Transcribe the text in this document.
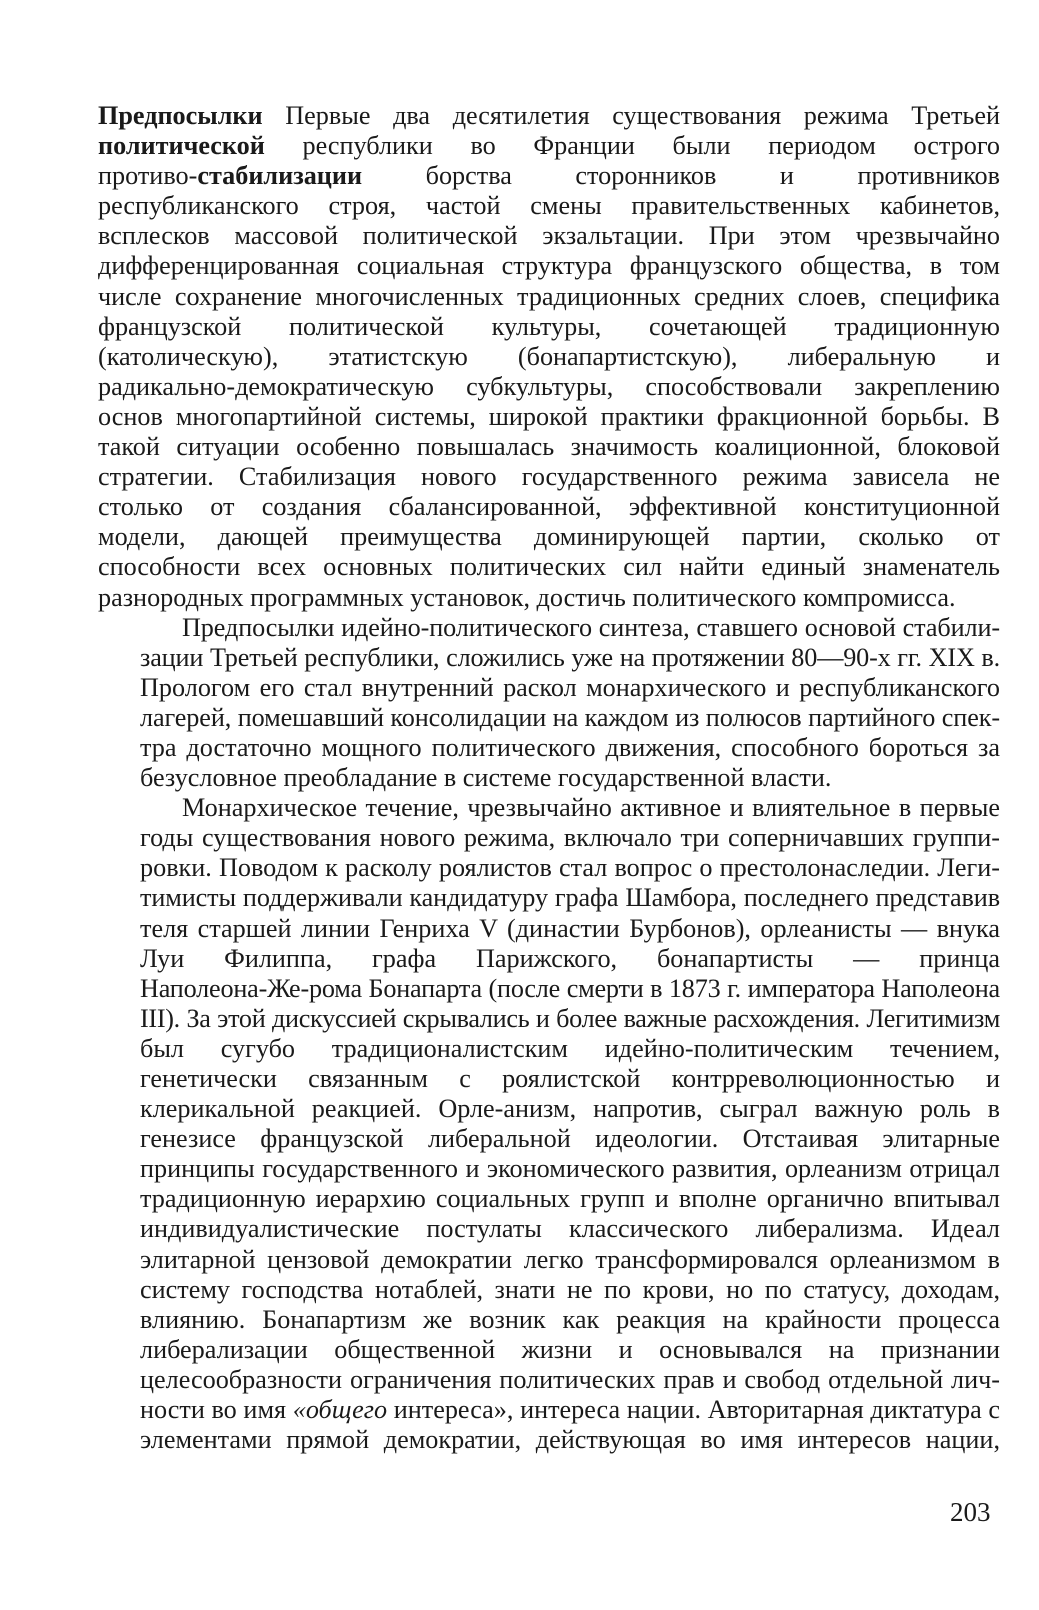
Предпосылки Первые два десятилетия существования режима Третьей
политической республики во Франции были периодом острого
противо-стабилизации борства сторонников и противников
республиканского строя, частой смены правительственных кабинетов,
всплесков массовой политической экзальтации. При этом чрезвычайно
дифференцированная социальная структура французского общества, в том
числе сохранение многочисленных традиционных средних слоев, специфика
французской политической культуры, сочетающей традиционную
(католическую), этатистскую (бонапартистскую), либеральную и
радикально-демократическую субкультуры, способствовали закреплению
основ многопартийной системы, широкой практики фракционной борьбы. В
такой ситуации особенно повышалась значимость коалиционной, блоковой
стратегии. Стабилизация нового государственного режима зависела не
столько от создания сбалансированной, эффективной конституционной
модели, дающей преимущества доминирующей партии, сколько от
способности всех основных политических сил найти единый знаменатель
разнородных программных установок, достичь политического компромисса.
Предпосылки идейно-политического синтеза, ставшего основой стабили-
зации Третьей республики, сложились уже на протяжении 80—90-х гг. XIX в.
Прологом его стал внутренний раскол монархического и республиканского
лагерей, помешавший консолидации на каждом из полюсов партийного спек-
тра достаточно мощного политического движения, способного бороться за
безусловное преобладание в системе государственной власти.
Монархическое течение, чрезвычайно активное и влиятельное в первые
годы существования нового режима, включало три соперничавших группи-
ровки. Поводом к расколу роялистов стал вопрос о престолонаследии. Леги-
тимисты поддерживали кандидатуру графа Шамбора, последнего представив
теля старшей линии Генриха V (династии Бурбонов), орлеанисты — внука
Луи Филиппа, графа Парижского, бонапартисты — принца
Наполеона-Же-рома Бонапарта (после смерти в 1873 г. императора Наполеона
III). За этой дискуссией скрывались и более важные расхождения. Легитимизм
был сугубо традиционалистским идейно-политическим течением,
генетически связанным с роялистской контрреволюционностью и
клерикальной реакцией. Орле-анизм, напротив, сыграл важную роль в
генезисе французской либеральной идеологии. Отстаивая элитарные
принципы государственного и экономического развития, орлеанизм отрицал
традиционную иерархию социальных групп и вполне органично впитывал
индивидуалистические постулаты классического либерализма. Идеал
элитарной цензовой демократии легко трансформировался орлеанизмом в
систему господства нотаблей, знати не по крови, но по статусу, доходам,
влиянию. Бонапартизм же возник как реакция на крайности процесса
либерализации общественной жизни и основывался на признании
целесообразности ограничения политических прав и свобод отдельной лич-
ности во имя «общего интереса», интереса нации. Авторитарная диктатура с
элементами прямой демократии, действующая во имя интересов нации,
203
